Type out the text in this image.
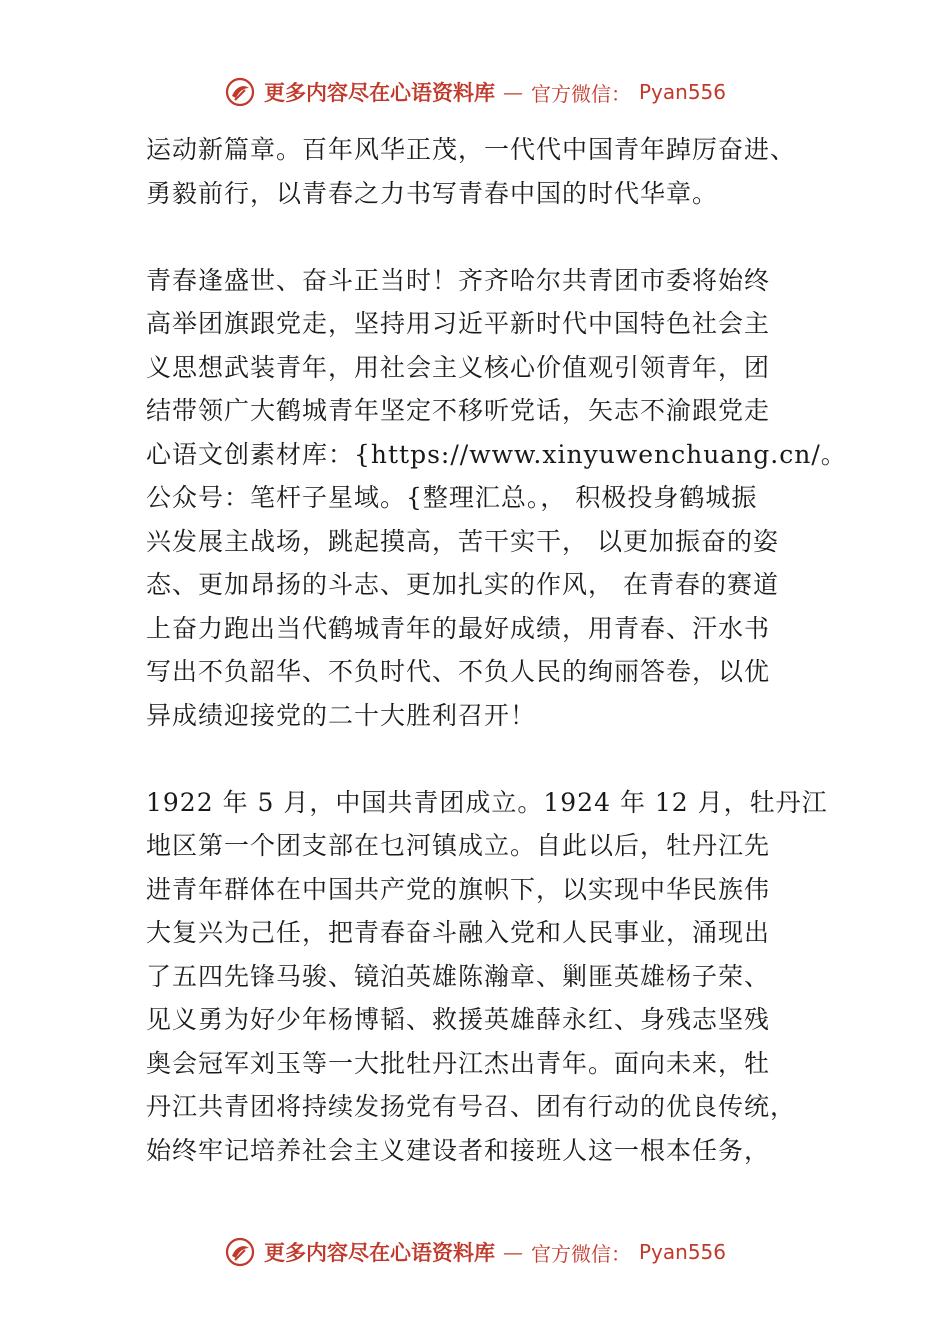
更多内容尽在心语资料库 — 官方微信： Pyan556

运动新篇章。百年风华正茂，一代代中国青年踔厉奋进、
勇毅前行，以青春之力书写青春中国的时代华章。

青春逢盛世、奋斗正当时！齐齐哈尔共青团市委将始终
高举团旗跟党走，坚持用习近平新时代中国特色社会主
义思想武装青年，用社会主义核心价值观引领青年，团
结带领广大鹤城青年坚定不移听党话，矢志不渝跟党走
心语文创素材库：{https://www.xinyuwenchuang.cn/。
公众号：笔杆子星域。{整理汇总。， 积极投身鹤城振
兴发展主战场，跳起摸高，苦干实干， 以更加振奋的姿
态、更加昂扬的斗志、更加扎实的作风， 在青春的赛道
上奋力跑出当代鹤城青年的最好成绩，用青春、汗水书
写出不负韶华、不负时代、不负人民的绚丽答卷，以优
异成绩迎接党的二十大胜利召开！

1922 年 5 月，中国共青团成立。1924 年 12 月，牡丹江
地区第一个团支部在乜河镇成立。自此以后，牡丹江先
进青年群体在中国共产党的旗帜下，以实现中华民族伟
大复兴为己任，把青春奋斗融入党和人民事业，涌现出
了五四先锋马骏、镜泊英雄陈瀚章、剿匪英雄杨子荣、
见义勇为好少年杨博韬、救援英雄薛永红、身残志坚残
奥会冠军刘玉等一大批牡丹江杰出青年。面向未来，牡
丹江共青团将持续发扬党有号召、团有行动的优良传统，
始终牢记培养社会主义建设者和接班人这一根本任务，

更多内容尽在心语资料库 — 官方微信： Pyan556
